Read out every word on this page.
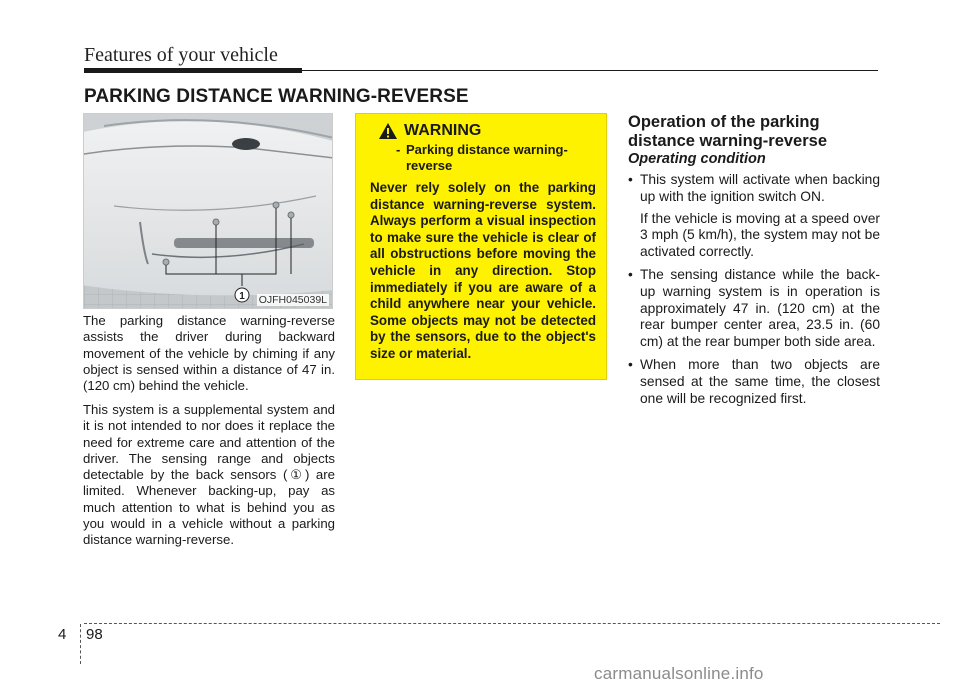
Features of your vehicle
PARKING DISTANCE WARNING-REVERSE
1 OJFH045039L

The parking distance warning-reverse assists the driver during backward movement of the vehicle by chiming if any object is sensed within a distance of 47 in. (120 cm) behind the vehicle.

This system is a supplemental system and it is not intended to nor does it replace the need for extreme care and attention of the driver. The sensing range and objects detectable by the back sensors (①) are limited. Whenever backing-up, pay as much attention to what is behind you as you would in a vehicle without a parking distance warning-reverse.

WARNING
- Parking distance warning-reverse
Never rely solely on the parking distance warning-reverse system. Always perform a visual inspection to make sure the vehicle is clear of all obstructions before moving the vehicle in any direction. Stop immediately if you are aware of a child anywhere near your vehicle. Some objects may not be detected by the sensors, due to the object's size or material.
Operation of the parking distance warning-reverse
Operating condition
• This system will activate when backing up with the ignition switch ON.
If the vehicle is moving at a speed over 3 mph (5 km/h), the system may not be activated correctly.
• The sensing distance while the back-up warning system is in operation is approximately 47 in. (120 cm) at the rear bumper center area, 23.5 in. (60 cm) at the rear bumper both side area.
• When more than two objects are sensed at the same time, the closest one will be recognized first.
4 98
carmanualsonline.info
